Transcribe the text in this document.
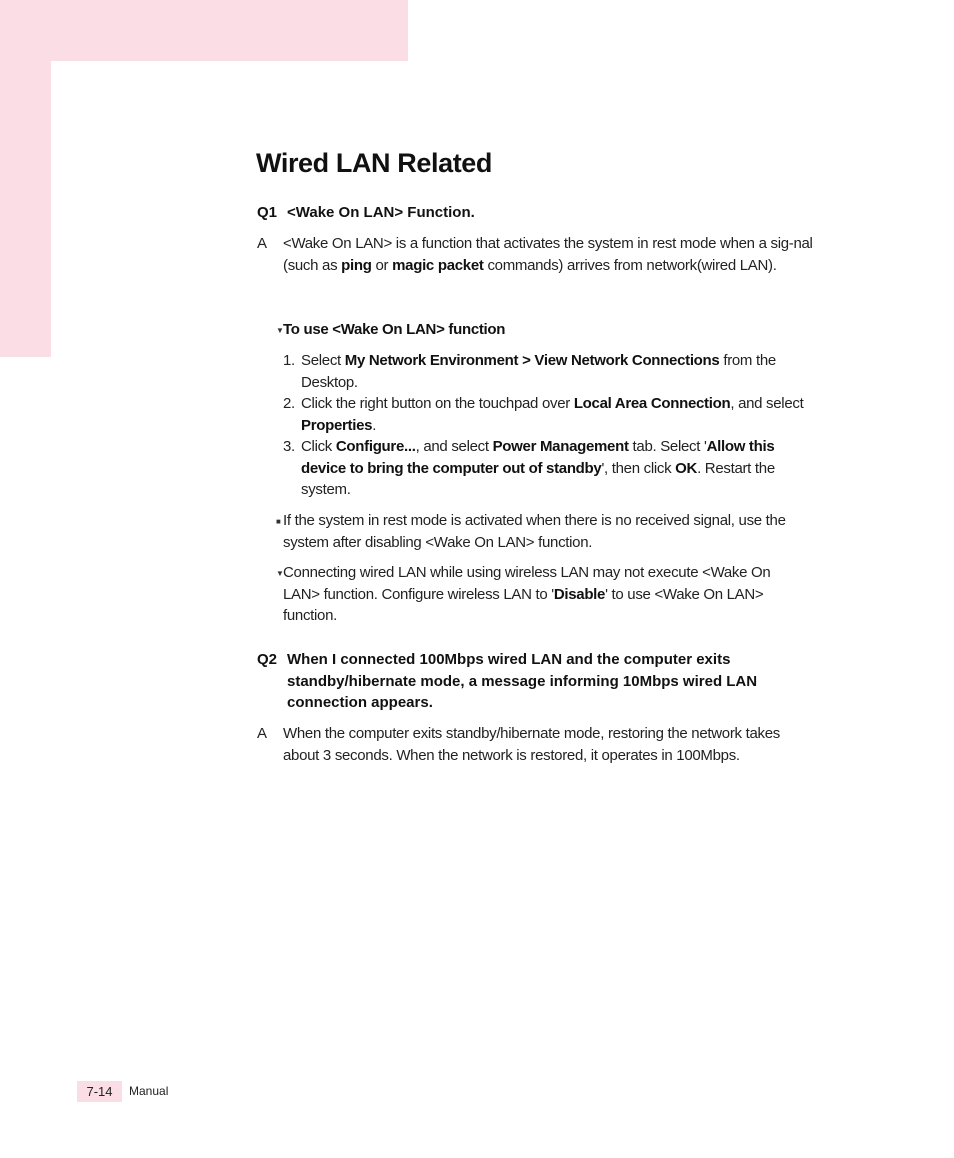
Wired LAN Related
Q1 <Wake On LAN> Function.
A <Wake On LAN> is a function that activates the system in rest mode when a sig-nal (such as ping or magic packet commands) arrives from network(wired LAN).
▼ To use <Wake On LAN> function
1. Select My Network Environment > View Network Connections from the Desktop.
2. Click the right button on the touchpad over Local Area Connection, and select Properties.
3. Click Configure..., and select Power Management tab. Select 'Allow this device to bring the computer out of standby', then click OK. Restart the system.
■ If the system in rest mode is activated when there is no received signal, use the system after disabling <Wake On LAN> function.
▼ Connecting wired LAN while using wireless LAN may not execute <Wake On LAN> function. Configure wireless LAN to 'Disable' to use <Wake On LAN> function.
Q2 When I connected 100Mbps wired LAN and the computer exits standby/hibernate mode, a message informing 10Mbps wired LAN connection appears.
A When the computer exits standby/hibernate mode, restoring the network takes about 3 seconds. When the network is restored, it operates in 100Mbps.
7-14	Manual
